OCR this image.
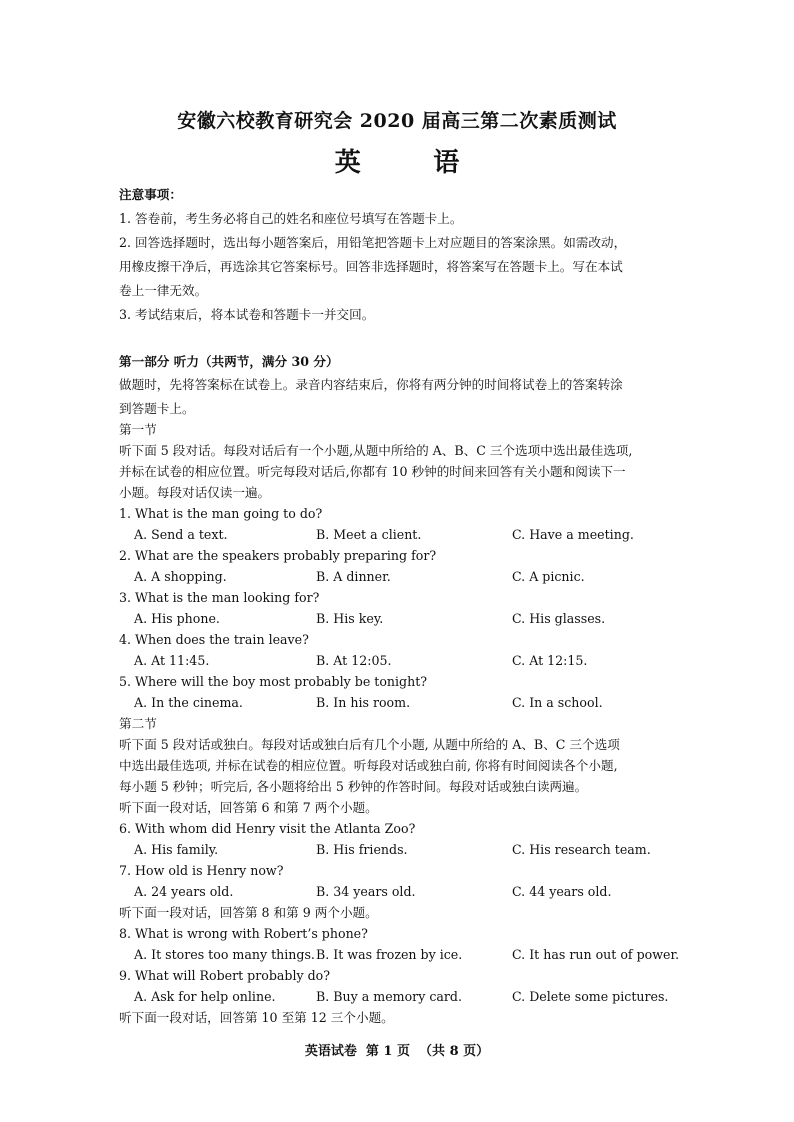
安徽六校教育研究会 2020 届高三第二次素质测试
英        语
注意事项：
1. 答卷前，考生务必将自己的姓名和座位号填写在答题卡上。
2. 回答选择题时，选出每小题答案后，用铅笔把答题卡上对应题目的答案涂黑。如需改动，
用橡皮擦干净后，再选涂其它答案标号。回答非选择题时，将答案写在答题卡上。写在本试
卷上一律无效。
3. 考试结束后，将本试卷和答题卡一并交回。
第一部分 听力（共两节，满分 30 分）
做题时，先将答案标在试卷上。录音内容结束后，你将有两分钟的时间将试卷上的答案转涂
到答题卡上。
第一节
听下面 5 段对话。每段对话后有一个小题,从题中所给的 A、B、C 三个选项中选出最佳选项,
并标在试卷的相应位置。听完每段对话后,你都有 10 秒钟的时间来回答有关小题和阅读下一
小题。每段对话仅读一遍。
1. What is the man going to do?
A. Send a text.	B. Meet a client.	C. Have a meeting.
2. What are the speakers probably preparing for?
A. A shopping.	B. A dinner.	C. A picnic.
3. What is the man looking for?
A. His phone.	B. His key.	C. His glasses.
4. When does the train leave?
A. At 11:45.	B. At 12:05.	C. At 12:15.
5. Where will the boy most probably be tonight?
A. In the cinema.	B. In his room.	C. In a school.
第二节
听下面 5 段对话或独白。每段对话或独白后有几个小题, 从题中所给的 A、B、C 三个选项
中选出最佳选项, 并标在试卷的相应位置。听每段对话或独白前, 你将有时间阅读各个小题,
每小题 5 秒钟；听完后, 各小题将给出 5 秒钟的作答时间。每段对话或独白读两遍。
听下面一段对话，回答第 6 和第 7 两个小题。
6. With whom did Henry visit the Atlanta Zoo?
A. His family.	B. His friends.	C. His research team.
7. How old is Henry now?
A. 24 years old.	B. 34 years old.	C. 44 years old.
听下面一段对话，回答第 8 和第 9 两个小题。
8. What is wrong with Robert’s phone?
A. It stores too many things. B. It was frozen by ice.	C. It has run out of power.
9. What will Robert probably do?
A. Ask for help online.	B. Buy a memory card.	C. Delete some pictures.
听下面一段对话，回答第 10 至第 12 三个小题。
英语试卷  第 1 页  （共 8 页）
